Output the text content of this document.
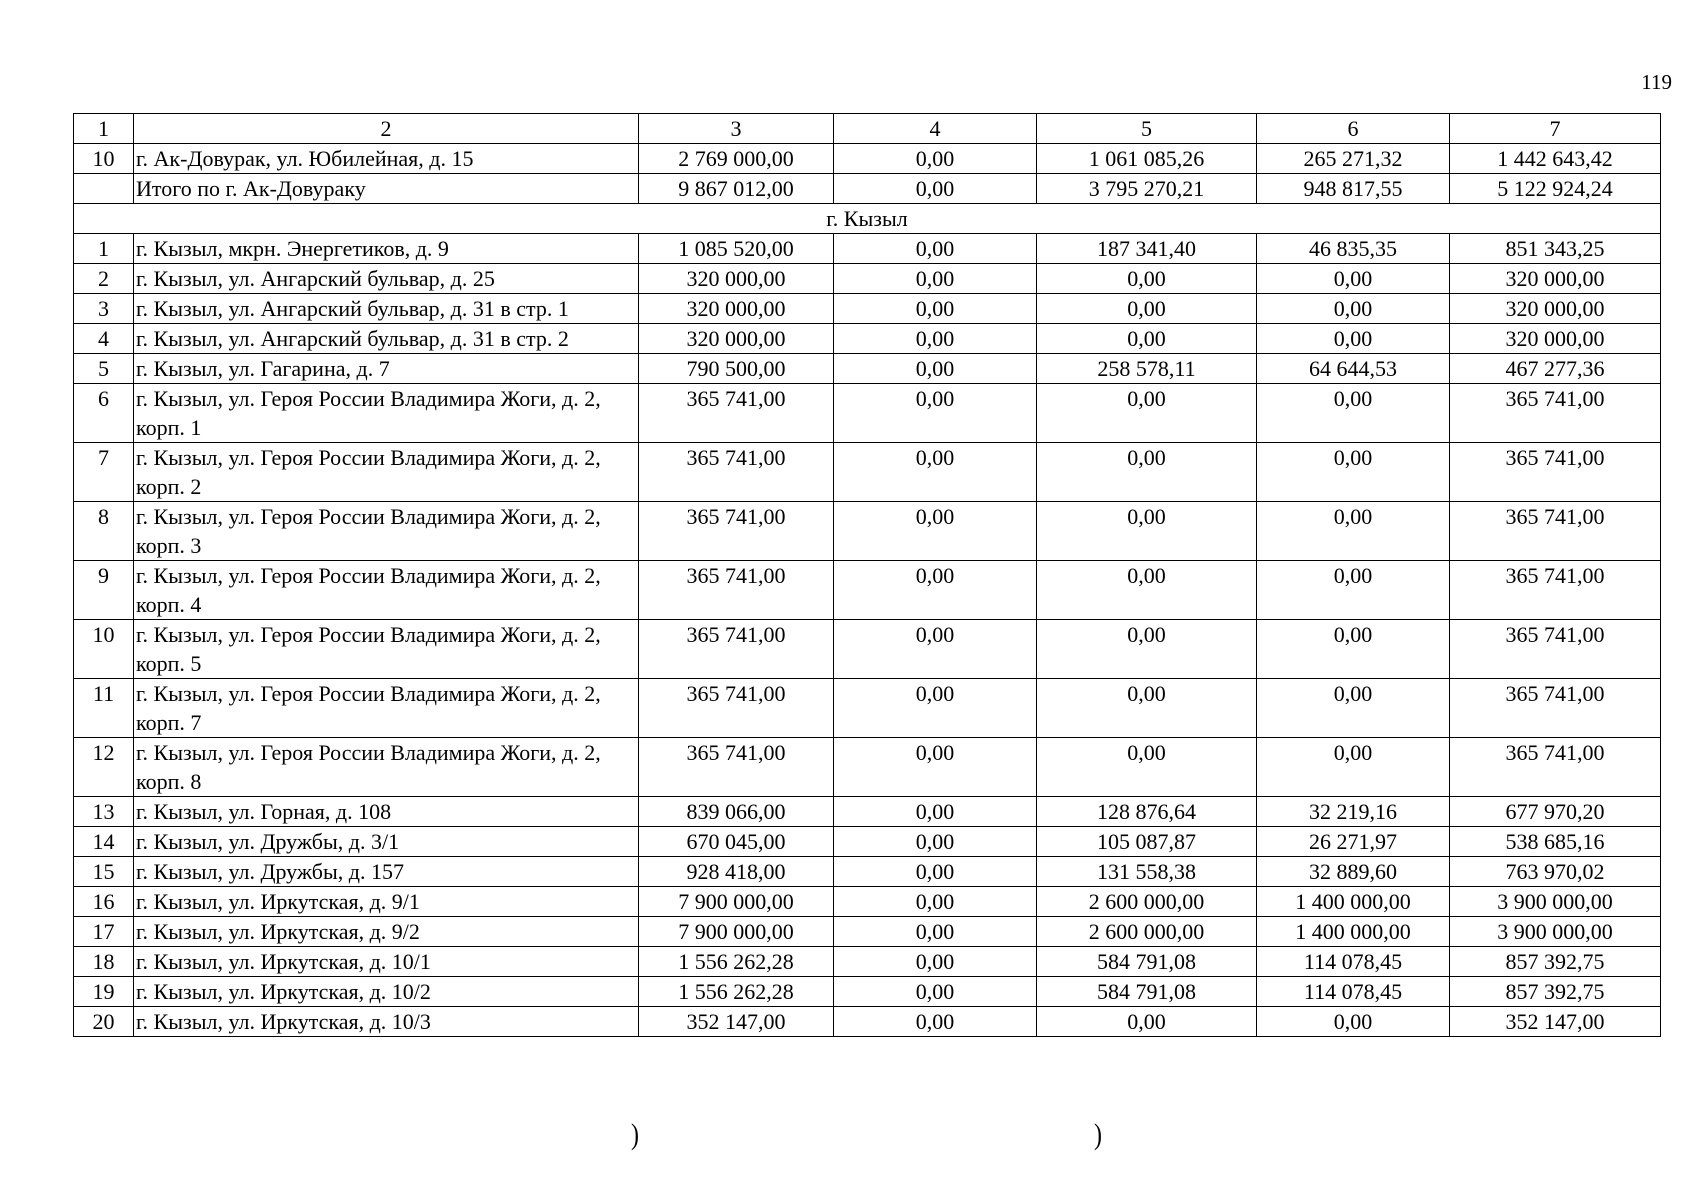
119
1	2	3	4	5	6	7
10	г. Ак-Довурак, ул. Юбилейная, д. 15	2 769 000,00	0,00	1 061 085,26	265 271,32	1 442 643,42
	Итого по г. Ак-Довураку	9 867 012,00	0,00	3 795 270,21	948 817,55	5 122 924,24
г. Кызыл						
1	г. Кызыл, мкрн. Энергетиков, д. 9	1 085 520,00	0,00	187 341,40	46 835,35	851 343,25
2	г. Кызыл, ул. Ангарский бульвар, д. 25	320 000,00	0,00	0,00	0,00	320 000,00
3	г. Кызыл, ул. Ангарский бульвар, д. 31 в стр. 1	320 000,00	0,00	0,00	0,00	320 000,00
4	г. Кызыл, ул. Ангарский бульвар, д. 31 в стр. 2	320 000,00	0,00	0,00	0,00	320 000,00
5	г. Кызыл, ул. Гагарина, д. 7	790 500,00	0,00	258 578,11	64 644,53	467 277,36
6	г. Кызыл, ул. Героя России Владимира Жоги, д. 2, корп. 1	365 741,00	0,00	0,00	0,00	365 741,00
7	г. Кызыл, ул. Героя России Владимира Жоги, д. 2, корп. 2	365 741,00	0,00	0,00	0,00	365 741,00
8	г. Кызыл, ул. Героя России Владимира Жоги, д. 2, корп. 3	365 741,00	0,00	0,00	0,00	365 741,00
9	г. Кызыл, ул. Героя России Владимира Жоги, д. 2, корп. 4	365 741,00	0,00	0,00	0,00	365 741,00
10	г. Кызыл, ул. Героя России Владимира Жоги, д. 2, корп. 5	365 741,00	0,00	0,00	0,00	365 741,00
11	г. Кызыл, ул. Героя России Владимира Жоги, д. 2, корп. 7	365 741,00	0,00	0,00	0,00	365 741,00
12	г. Кызыл, ул. Героя России Владимира Жоги, д. 2, корп. 8	365 741,00	0,00	0,00	0,00	365 741,00
13	г. Кызыл, ул. Горная, д. 108	839 066,00	0,00	128 876,64	32 219,16	677 970,20
14	г. Кызыл, ул. Дружбы, д. 3/1	670 045,00	0,00	105 087,87	26 271,97	538 685,16
15	г. Кызыл, ул. Дружбы, д. 157	928 418,00	0,00	131 558,38	32 889,60	763 970,02
16	г. Кызыл, ул. Иркутская, д. 9/1	7 900 000,00	0,00	2 600 000,00	1 400 000,00	3 900 000,00
17	г. Кызыл, ул. Иркутская, д. 9/2	7 900 000,00	0,00	2 600 000,00	1 400 000,00	3 900 000,00
18	г. Кызыл, ул. Иркутская, д. 10/1	1 556 262,28	0,00	584 791,08	114 078,45	857 392,75
19	г. Кызыл, ул. Иркутская, д. 10/2	1 556 262,28	0,00	584 791,08	114 078,45	857 392,75
20	г. Кызыл, ул. Иркутская, д. 10/3	352 147,00	0,00	0,00	0,00	352 147,00
)	)
